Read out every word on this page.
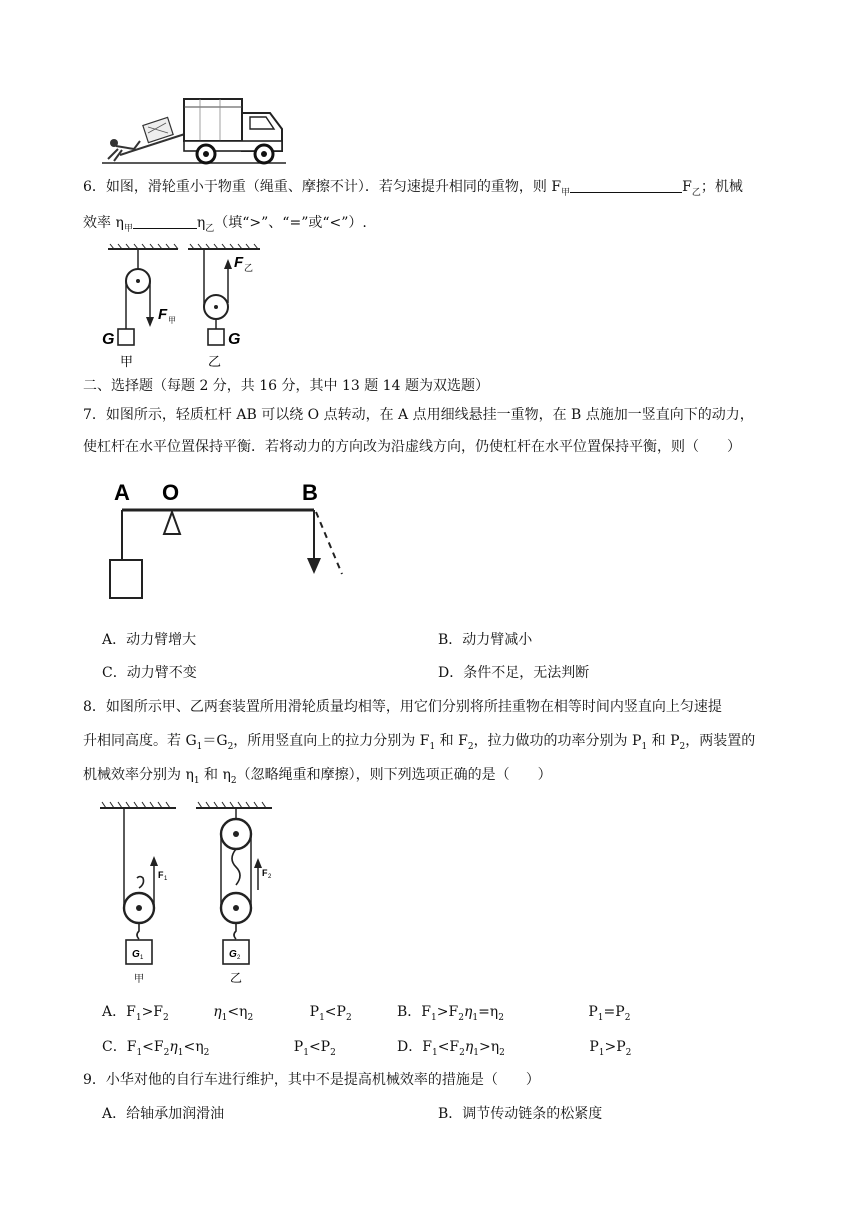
6．如图，滑轮重小于物重（绳重、摩擦不计）．若匀速提升相同的重物，则 $F_甲$	$F_乙$；机械
效率 $\eta_甲$	$\eta_乙$（填“>”、“=”或“<”）.
G	G
F 甲
F 乙
甲	乙
二、选择题（每题 2 分，共 16 分，其中 13 题 14 题为双选题）
7．如图所示，轻质杠杆 AB 可以绕 O 点转动，在 A 点用细线悬挂一重物，在 B 点施加一竖直向下的动力，
使杠杆在水平位置保持平衡．若将动力的方向改为沿虚线方向，仍使杠杆在水平位置保持平衡，则（　　）
A O	B
A．动力臂增大	B．动力臂减小
C．动力臂不变	D．条件不足，无法判断
8．如图所示甲、乙两套装置所用滑轮质量均相等，用它们分别将所挂重物在相等时间内竖直向上匀速提
升相同高度。若 $G_1=G_2$，所用竖直向上的拉力分别为 $F_1$ 和 $F_2$，拉力做功的功率分别为 $P_1$ 和 $P_2$，两装置的
机械效率分别为 $\eta_1$ 和 $\eta_2$（忽略绳重和摩擦），则下列选项正确的是（　　）
F 1
F 2
G 1	G 2
甲	乙
A．$F_1>F_2$	$\eta_1<\eta_2$	$P_1<P_2$	B．$F_1>F_2\eta_1=\eta_2$	$P_1=P_2$
C．$F_1<F_2\eta_1<\eta_2$	$P_1<P_2$	D．$F_1<F_2\eta_1>\eta_2$	$P_1>P_2$
9．小华对他的自行车进行维护，其中不是提高机械效率的措施是（　　）
A．给轴承加润滑油	B．调节传动链条的松紧度
